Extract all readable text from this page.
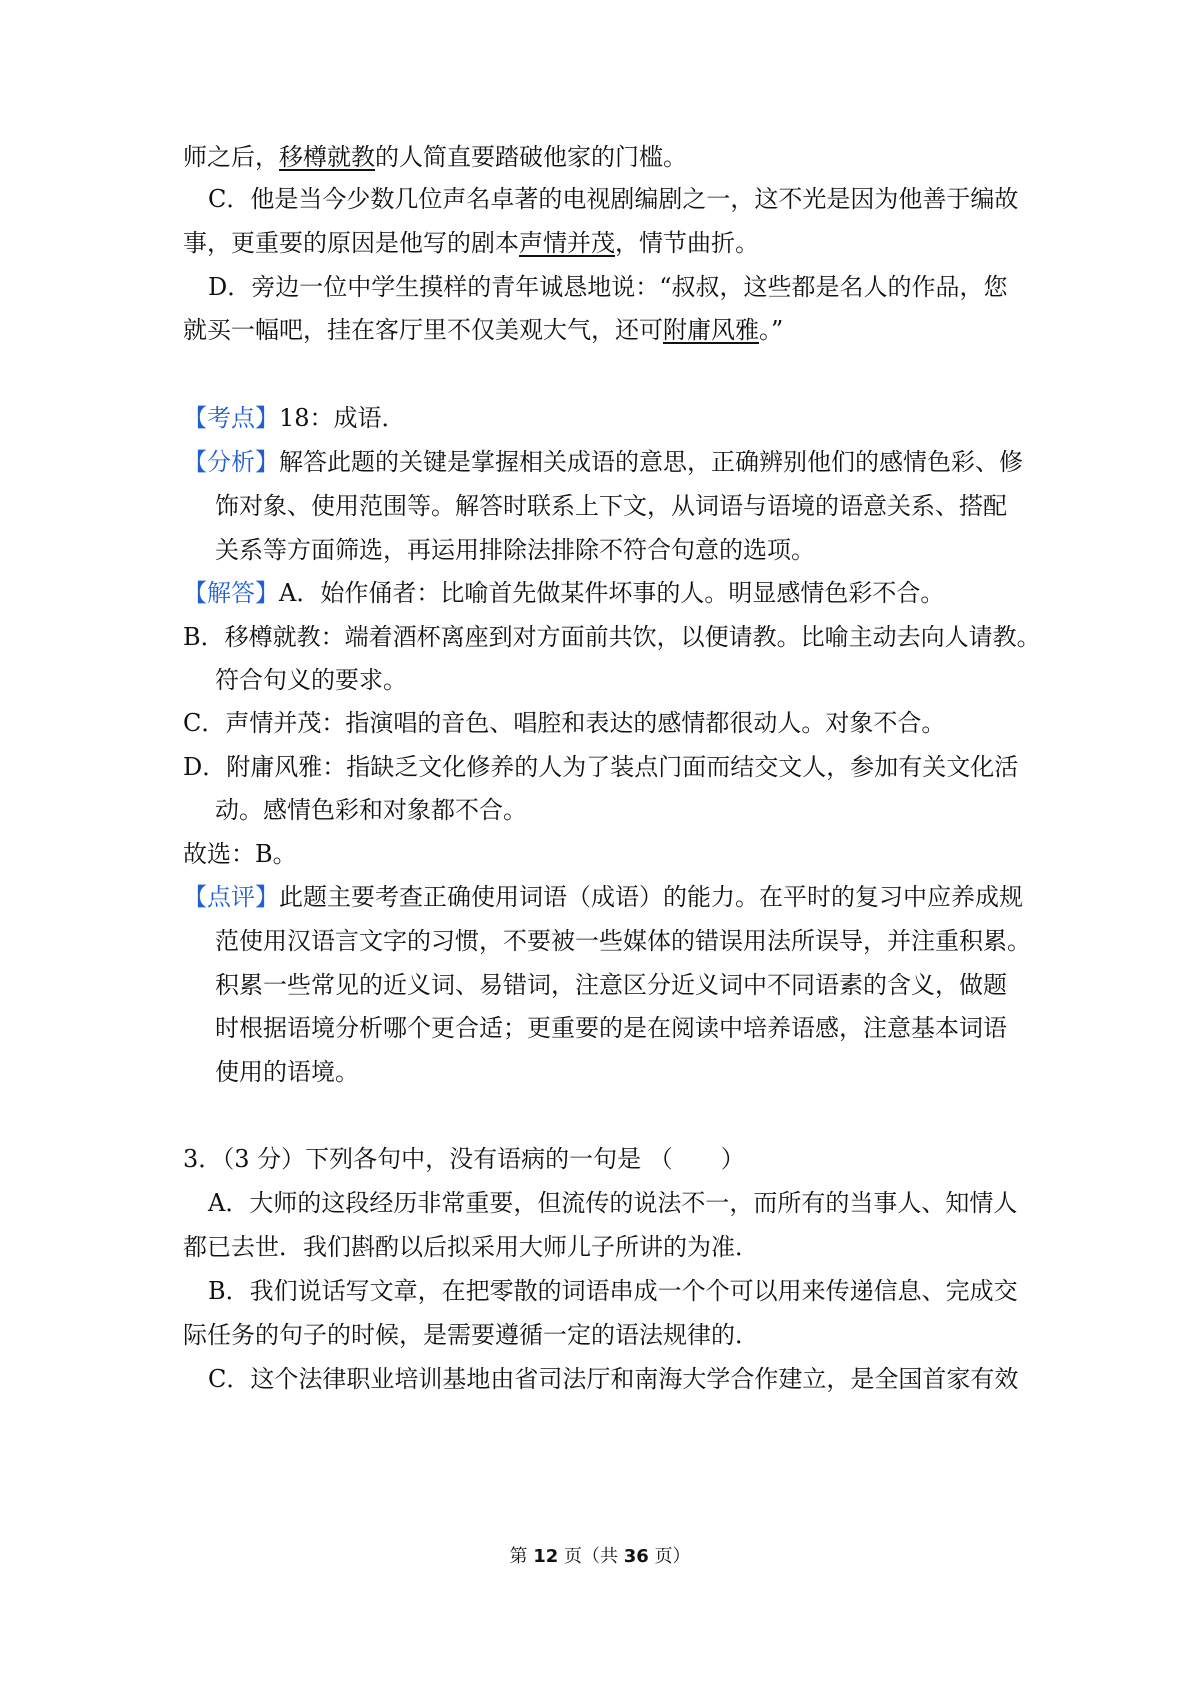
师之后，移樽就教的人简直要踏破他家的门槛。
C．他是当今少数几位声名卓著的电视剧编剧之一，这不光是因为他善于编故
事，更重要的原因是他写的剧本声情并茂，情节曲折。
D．旁边一位中学生摸样的青年诚恳地说：“叔叔，这些都是名人的作品，您
就买一幅吧，挂在客厅里不仅美观大气，还可附庸风雅。”
【考点】18：成语．
【分析】解答此题的关键是掌握相关成语的意思，正确辨别他们的感情色彩、修
饰对象、使用范围等。解答时联系上下文，从词语与语境的语意关系、搭配
关系等方面筛选，再运用排除法排除不符合句意的选项。
【解答】A．始作俑者：比喻首先做某件坏事的人。明显感情色彩不合。
B．移樽就教：端着酒杯离座到对方面前共饮，以便请教。比喻主动去向人请教。
符合句义的要求。
C．声情并茂：指演唱的音色、唱腔和表达的感情都很动人。对象不合。
D．附庸风雅：指缺乏文化修养的人为了装点门面而结交文人，参加有关文化活
动。感情色彩和对象都不合。
故选：B。
【点评】此题主要考查正确使用词语（成语）的能力。在平时的复习中应养成规
范使用汉语言文字的习惯，不要被一些媒体的错误用法所误导，并注重积累。
积累一些常见的近义词、易错词，注意区分近义词中不同语素的含义，做题
时根据语境分析哪个更合适；更重要的是在阅读中培养语感，注意基本词语
使用的语境。
3．（3 分）下列各句中，没有语病的一句是 （　　）
A．大师的这段经历非常重要，但流传的说法不一，而所有的当事人、知情人
都已去世．我们斟酌以后拟采用大师儿子所讲的为准．
B．我们说话写文章，在把零散的词语串成一个个可以用来传递信息、完成交
际任务的句子的时候，是需要遵循一定的语法规律的．
C．这个法律职业培训基地由省司法厅和南海大学合作建立，是全国首家有效
第 12 页（共 36 页）
